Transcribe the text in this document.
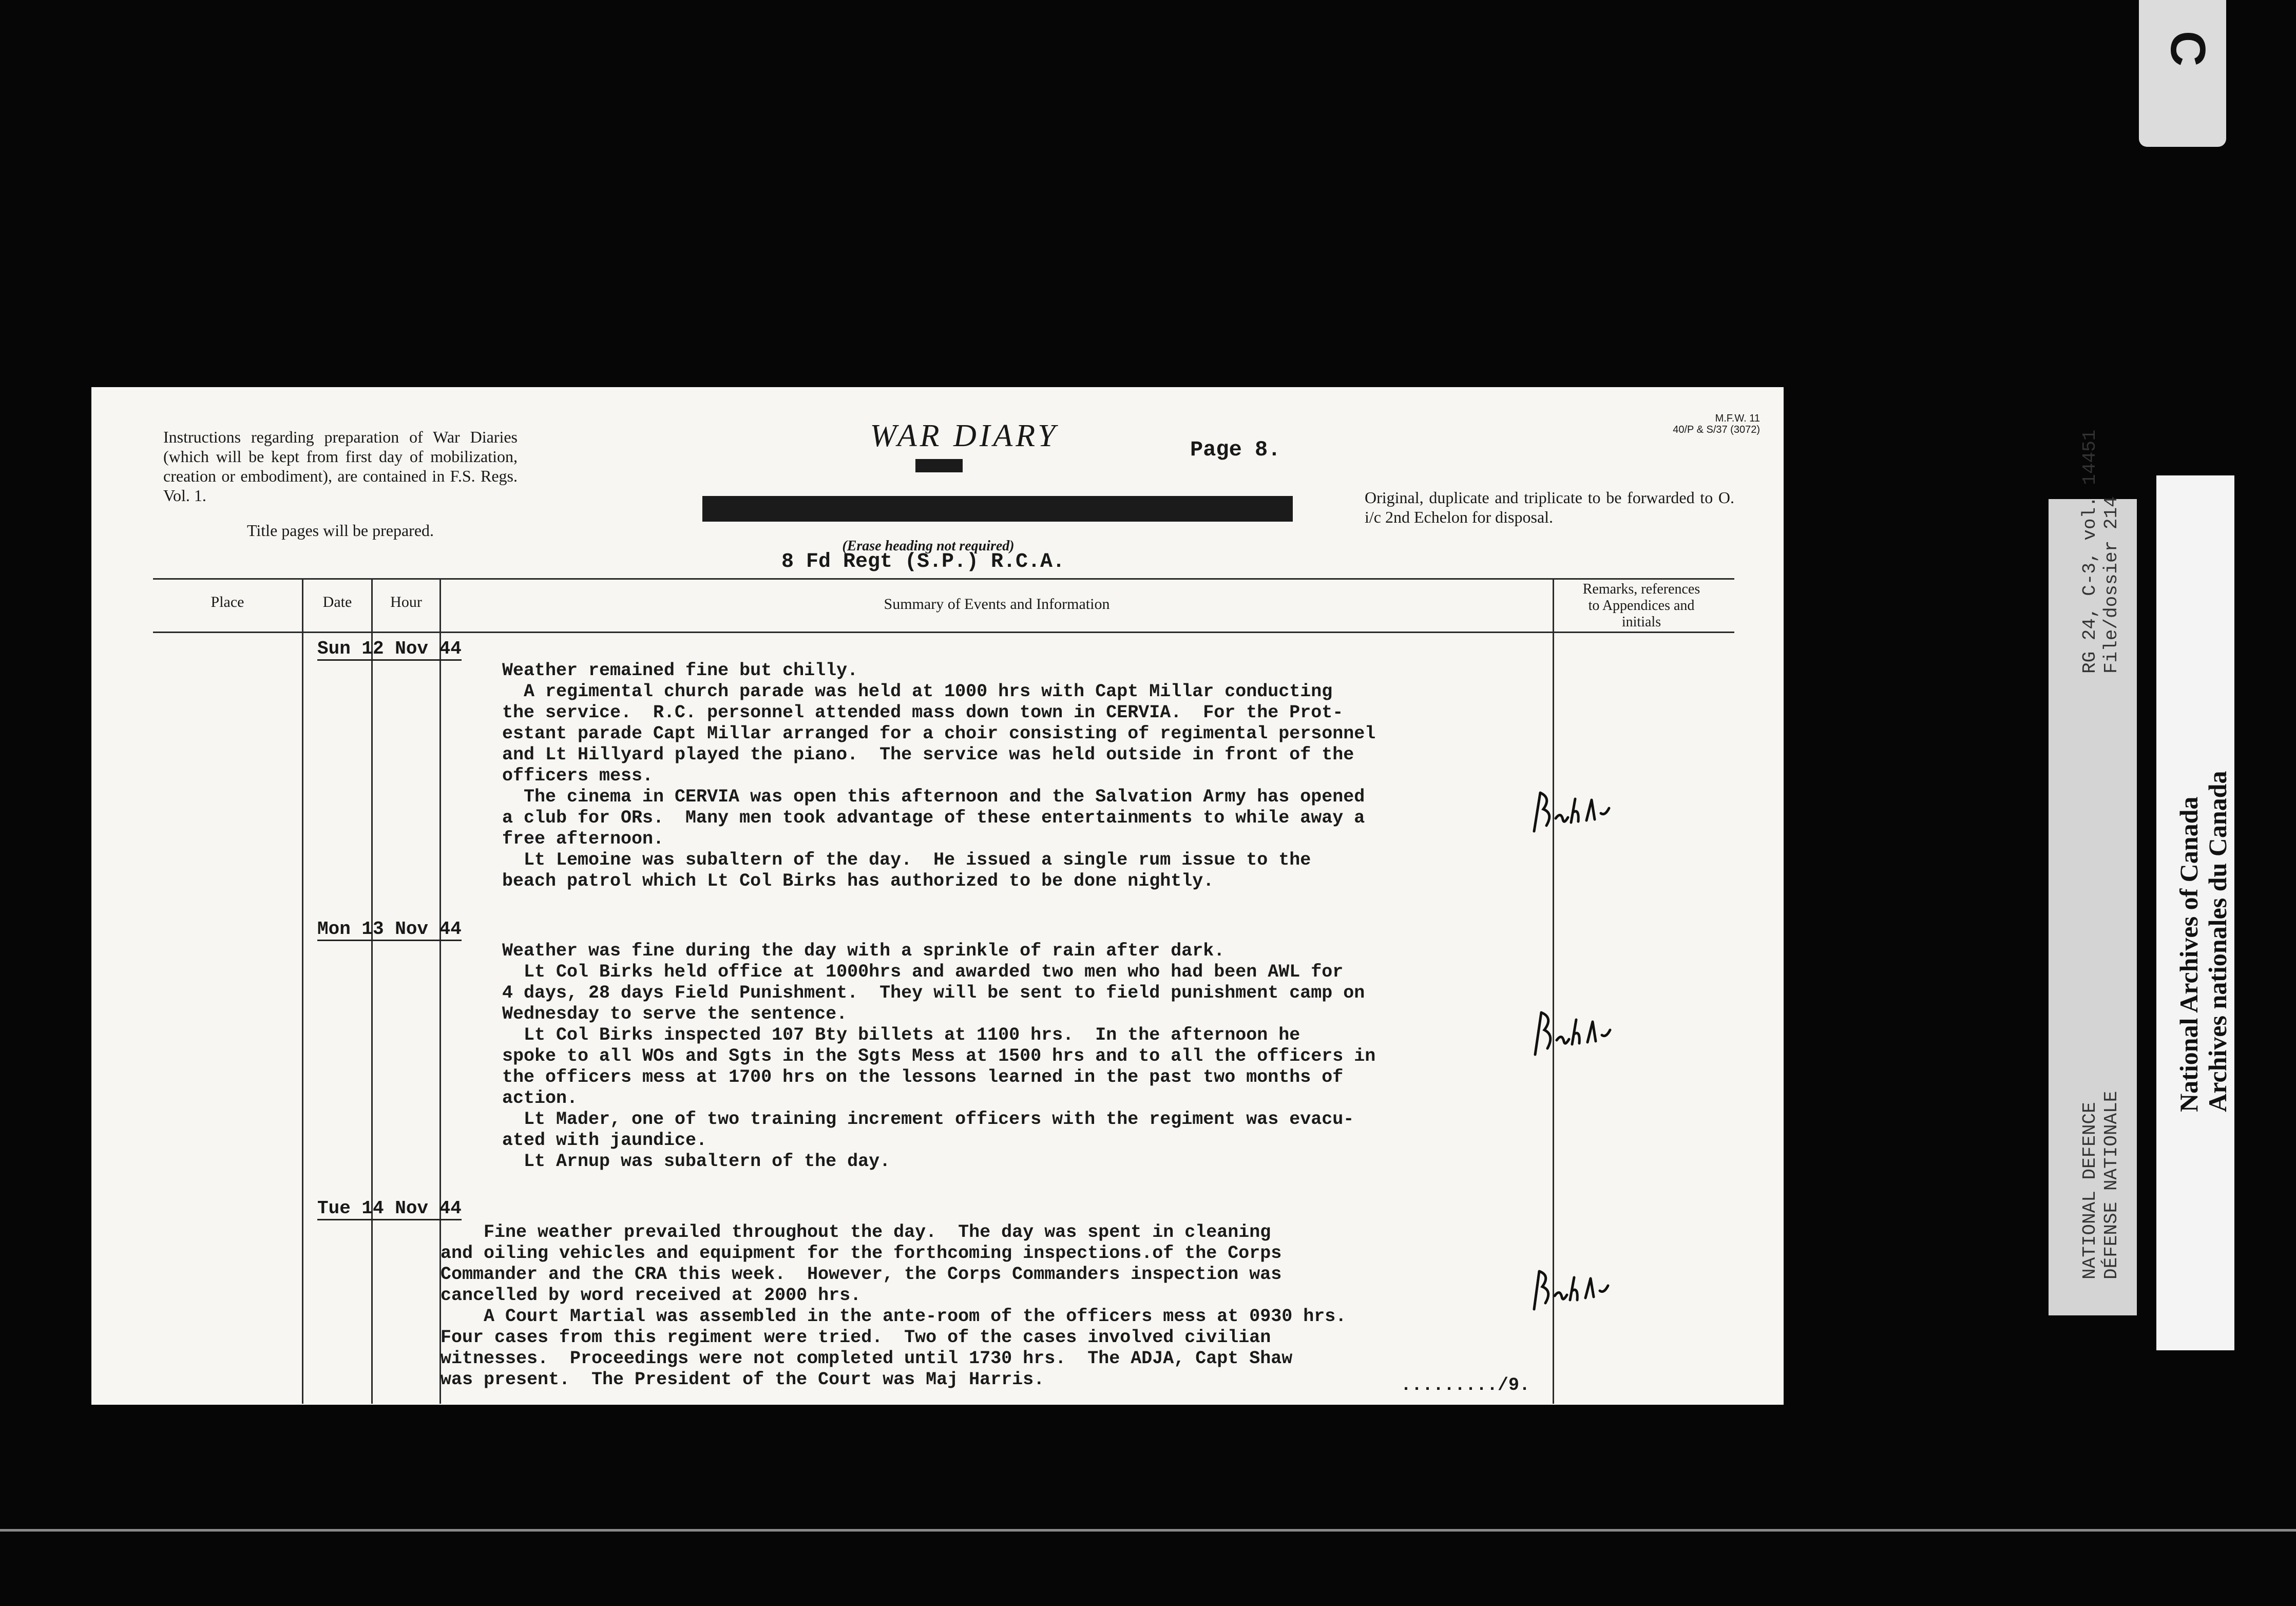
C
RG 24, C-3, vol. 14451 File/dossier 214
NATIONAL DEFENCE DÉFENSE NATIONALE
National Archives of Canada Archives nationales du Canada
Instructions regarding preparation of War Diaries (which will be kept from first day of mobilization, creation or embodiment), are contained in F.S. Regs. Vol. 1.
Title pages will be prepared.
WAR DIARY	Page 8.
M.F.W. 11
40/P & S/37 (3072)
Original, duplicate and triplicate to be forwarded to O. i/c 2nd Echelon for disposal.
(Erase heading not required)
8 Fd Regt (S.P.) R.C.A.
Place	Date	Hour	Summary of Events and Information
Remarks, references
to Appendices and
initials
Sun 12 Nov 44
Weather remained fine but chilly.
A regimental church parade was held at 1000 hrs with Capt Millar conducting
the service.  R.C. personnel attended mass down town in CERVIA.  For the Prot-
estant parade Capt Millar arranged for a choir consisting of regimental personnel
and Lt Hillyard played the piano.  The service was held outside in front of the
officers mess.
The cinema in CERVIA was open this afternoon and the Salvation Army has opened
a club for ORs.  Many men took advantage of these entertainments to while away a
free afternoon.
Lt Lemoine was subaltern of the day.  He issued a single rum issue to the
beach patrol which Lt Col Birks has authorized to be done nightly.
Mon 13 Nov 44
Weather was fine during the day with a sprinkle of rain after dark.
Lt Col Birks held office at 1000hrs and awarded two men who had been AWL for
4 days, 28 days Field Punishment.  They will be sent to field punishment camp on
Wednesday to serve the sentence.
Lt Col Birks inspected 107 Bty billets at 1100 hrs.  In the afternoon he
spoke to all WOs and Sgts in the Sgts Mess at 1500 hrs and to all the officers in
the officers mess at 1700 hrs on the lessons learned in the past two months of
action.
Lt Mader, one of two training increment officers with the regiment was evacu-
ated with jaundice.
Lt Arnup was subaltern of the day.
Tue 14 Nov 44
Fine weather prevailed throughout the day.  The day was spent in cleaning
and oiling vehicles and equipment for the forthcoming inspections.of the Corps
Commander and the CRA this week.  However, the Corps Commanders inspection was
cancelled by word received at 2000 hrs.
A Court Martial was assembled in the ante-room of the officers mess at 0930 hrs.
Four cases from this regiment were tried.  Two of the cases involved civilian
witnesses.  Proceedings were not completed until 1730 hrs.  The ADJA, Capt Shaw
was present.  The President of the Court was Maj Harris.	........./9.
